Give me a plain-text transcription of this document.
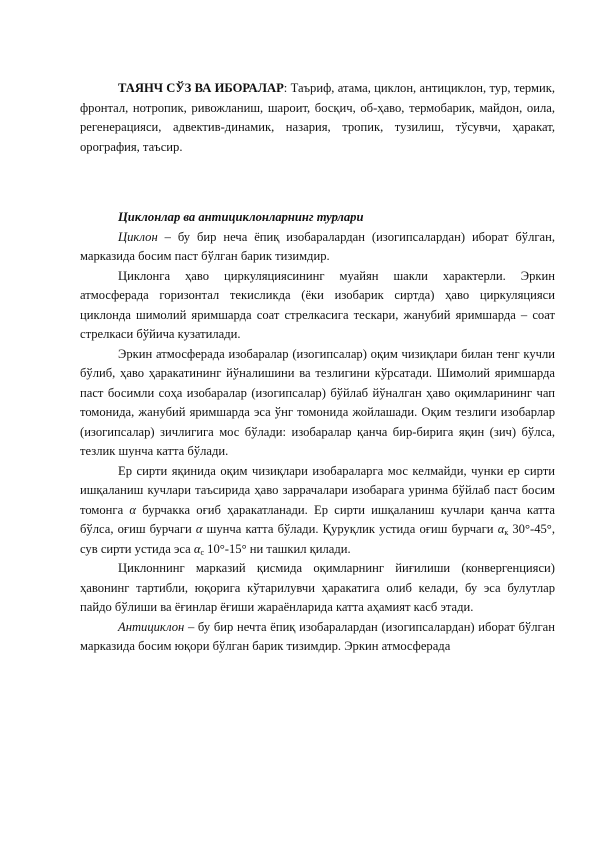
ТАЯНЧ СЎЗ ВА ИБОРАЛАР: Таъриф, атама, циклон, антициклон, тур, термик, фронтал, нотропик, ривожланиш, шароит, босқич, об-ҳаво, термобарик, майдон, оила, регенерацияси, адвектив-динамик, назария, тропик, тузилиш, тўсувчи, ҳаракат, орография, таъсир.

Циклонлар ва антициклонларнинг турлари

Циклон – бу бир неча ёпиқ изобаралардан (изогипсалардан) иборат бўлган, марказида босим паст бўлган барик тизимдир.

Циклонга ҳаво циркуляциясининг муайян шакли характерли. Эркин атмосферада горизонтал текисликда (ёки изобарик сиртда) ҳаво циркуляцияси циклонда шимолий яримшарда соат стрелкасига тескари, жанубий яримшарда – соат стрелкаси бўйича кузатилади.

Эркин атмосферада изобаралар (изогипсалар) оқим чизиқлари билан тенг кучли бўлиб, ҳаво ҳаракатининг йўналишини ва тезлигини кўрсатади. Шимолий яримшарда паст босимли соҳа изобаралар (изогипсалар) бўйлаб йўналган ҳаво оқимларининг чап томонида, жанубий яримшарда эса ўнг томонида жойлашади. Оқим тезлиги изобарлар (изогипсалар) зичлигига мос бўлади: изобаралар қанча бир-бирига яқин (зич) бўлса, тезлик шунча катта бўлади.

Ер сирти яқинида оқим чизиқлари изобараларга мос келмайди, чунки ер сирти ишқаланиш кучлари таъсирида ҳаво заррачалари изобарага уринма бўйлаб паст босим томонга α бурчакка оғиб ҳаракатланади. Ер сирти ишқаланиш кучлари қанча катта бўлса, оғиш бурчаги α шунча катта бўлади. Қуруқлик устида оғиш бурчаги $\alpha_к$ 30°-45°, сув сирти устида эса $\alpha_с$ 10°-15° ни ташкил қилади.

Циклоннинг марказий қисмида оқимларнинг йиғилиши (конвергенцияси) ҳавонинг тартибли, юқорига кўтарилувчи ҳаракатига олиб келади, бу эса булутлар пайдо бўлиши ва ёғинлар ёғиши жараёнларида катта аҳамият касб этади.

Антициклон – бу бир нечта ёпиқ изобаралардан (изогипсалардан) иборат бўлган марказида босим юқори бўлган барик тизимдир. Эркин атмосферада
